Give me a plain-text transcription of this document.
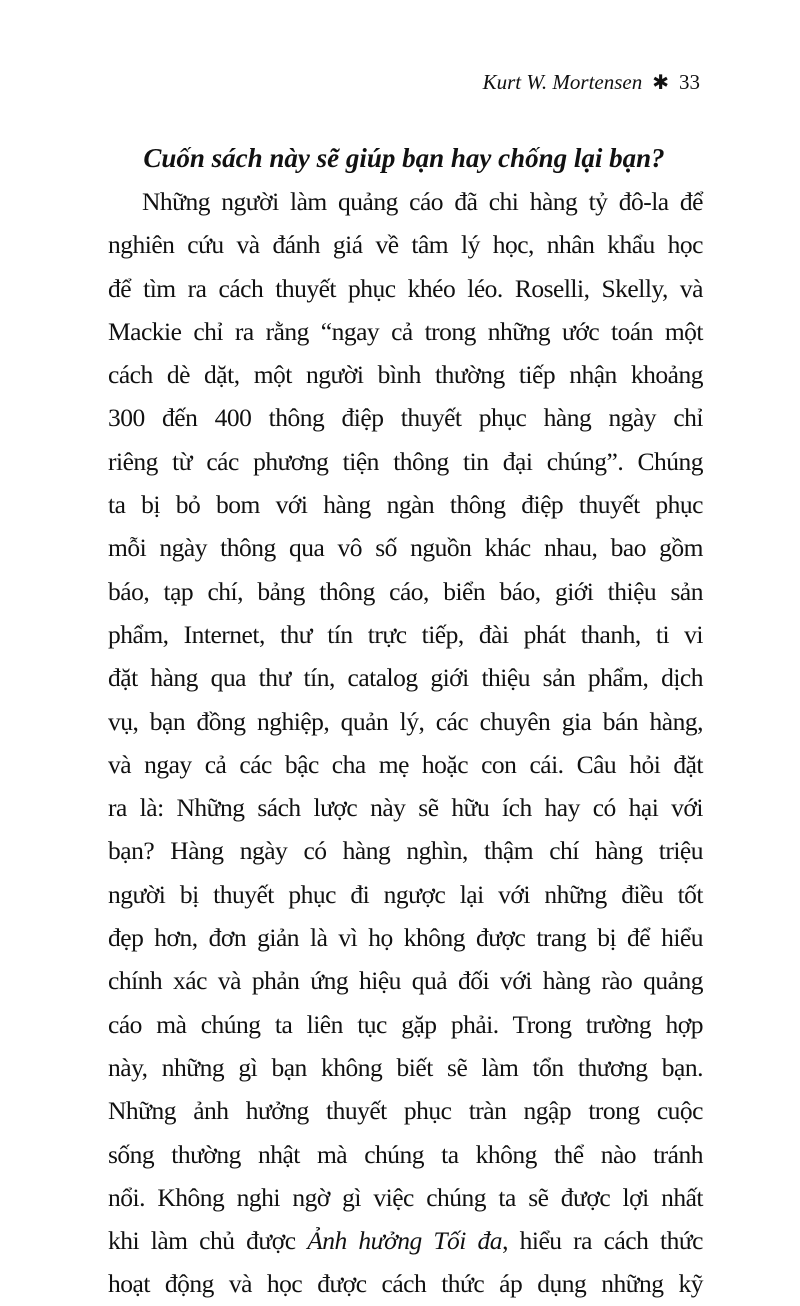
Kurt W. Mortensen ✱ 33
Cuốn sách này sẽ giúp bạn hay chống lại bạn?
Những người làm quảng cáo đã chi hàng tỷ đô-la để
nghiên cứu và đánh giá về tâm lý học, nhân khẩu học
để tìm ra cách thuyết phục khéo léo. Roselli, Skelly, và
Mackie chỉ ra rằng “ngay cả trong những ước toán một
cách dè dặt, một người bình thường tiếp nhận khoảng
300 đến 400 thông điệp thuyết phục hàng ngày chỉ
riêng từ các phương tiện thông tin đại chúng”. Chúng
ta bị bỏ bom với hàng ngàn thông điệp thuyết phục
mỗi ngày thông qua vô số nguồn khác nhau, bao gồm
báo, tạp chí, bảng thông cáo, biển báo, giới thiệu sản
phẩm, Internet, thư tín trực tiếp, đài phát thanh, ti vi
đặt hàng qua thư tín, catalog giới thiệu sản phẩm, dịch
vụ, bạn đồng nghiệp, quản lý, các chuyên gia bán hàng,
và ngay cả các bậc cha mẹ hoặc con cái. Câu hỏi đặt
ra là: Những sách lược này sẽ hữu ích hay có hại với
bạn? Hàng ngày có hàng nghìn, thậm chí hàng triệu
người bị thuyết phục đi ngược lại với những điều tốt
đẹp hơn, đơn giản là vì họ không được trang bị để hiểu
chính xác và phản ứng hiệu quả đối với hàng rào quảng
cáo mà chúng ta liên tục gặp phải. Trong trường hợp
này, những gì bạn không biết sẽ làm tổn thương bạn.
Những ảnh hưởng thuyết phục tràn ngập trong cuộc
sống thường nhật mà chúng ta không thể nào tránh
nổi. Không nghi ngờ gì việc chúng ta sẽ được lợi nhất
khi làm chủ được Ảnh hưởng Tối đa, hiểu ra cách thức
hoạt động và học được cách thức áp dụng những kỹ
